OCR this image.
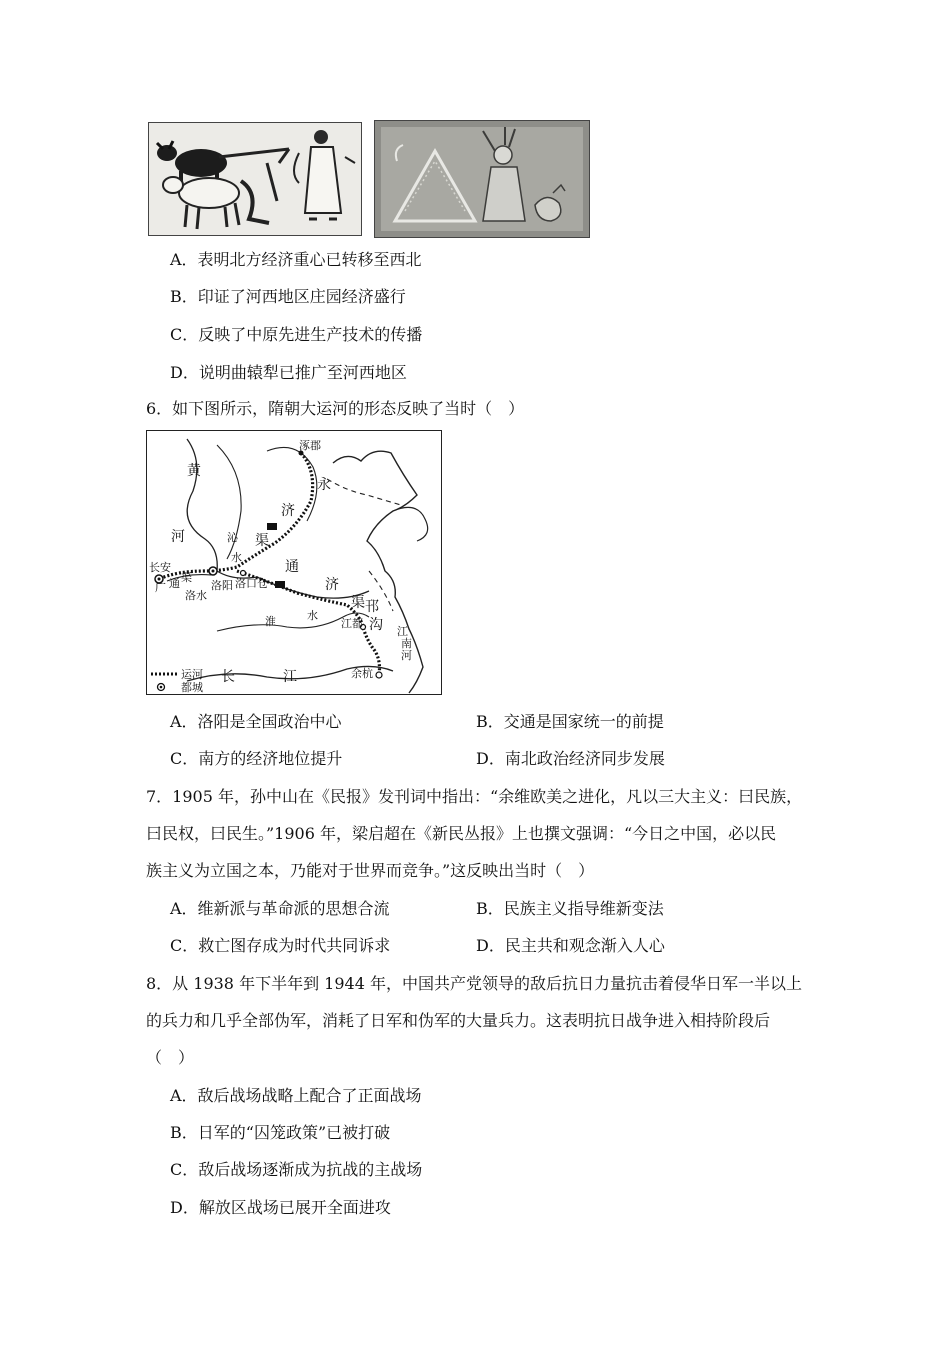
A．表明北方经济重心已转移至西北
B．印证了河西地区庄园经济盛行
C．反映了中原先进生产技术的传播
D．说明曲辕犁已推广至河西地区
6．如下图所示，隋朝大运河的形态反映了当时（　）
黄
河
涿郡
永
济
渠
沁
水
长安
广 通 渠
洛阳
洛水
洛口仓
通
济
渠
淮	水
邗
沟
江都
江
南
河
余杭
长	江
运河
都城
A．洛阳是全国政治中心	B．交通是国家统一的前提
C．南方的经济地位提升	D．南北政治经济同步发展
7．1905 年，孙中山在《民报》发刊词中指出：“余维欧美之进化，凡以三大主义：曰民族，
曰民权，曰民生。”1906 年，梁启超在《新民丛报》上也撰文强调：“今日之中国，必以民
族主义为立国之本，乃能对于世界而竞争。”这反映出当时（　）
A．维新派与革命派的思想合流	B．民族主义指导维新变法
C．救亡图存成为时代共同诉求	D．民主共和观念渐入人心
8．从 1938 年下半年到 1944 年，中国共产党领导的敌后抗日力量抗击着侵华日军一半以上
的兵力和几乎全部伪军，消耗了日军和伪军的大量兵力。这表明抗日战争进入相持阶段后
（　）
A．敌后战场战略上配合了正面战场
B．日军的“囚笼政策”已被打破
C．敌后战场逐渐成为抗战的主战场
D．解放区战场已展开全面进攻
